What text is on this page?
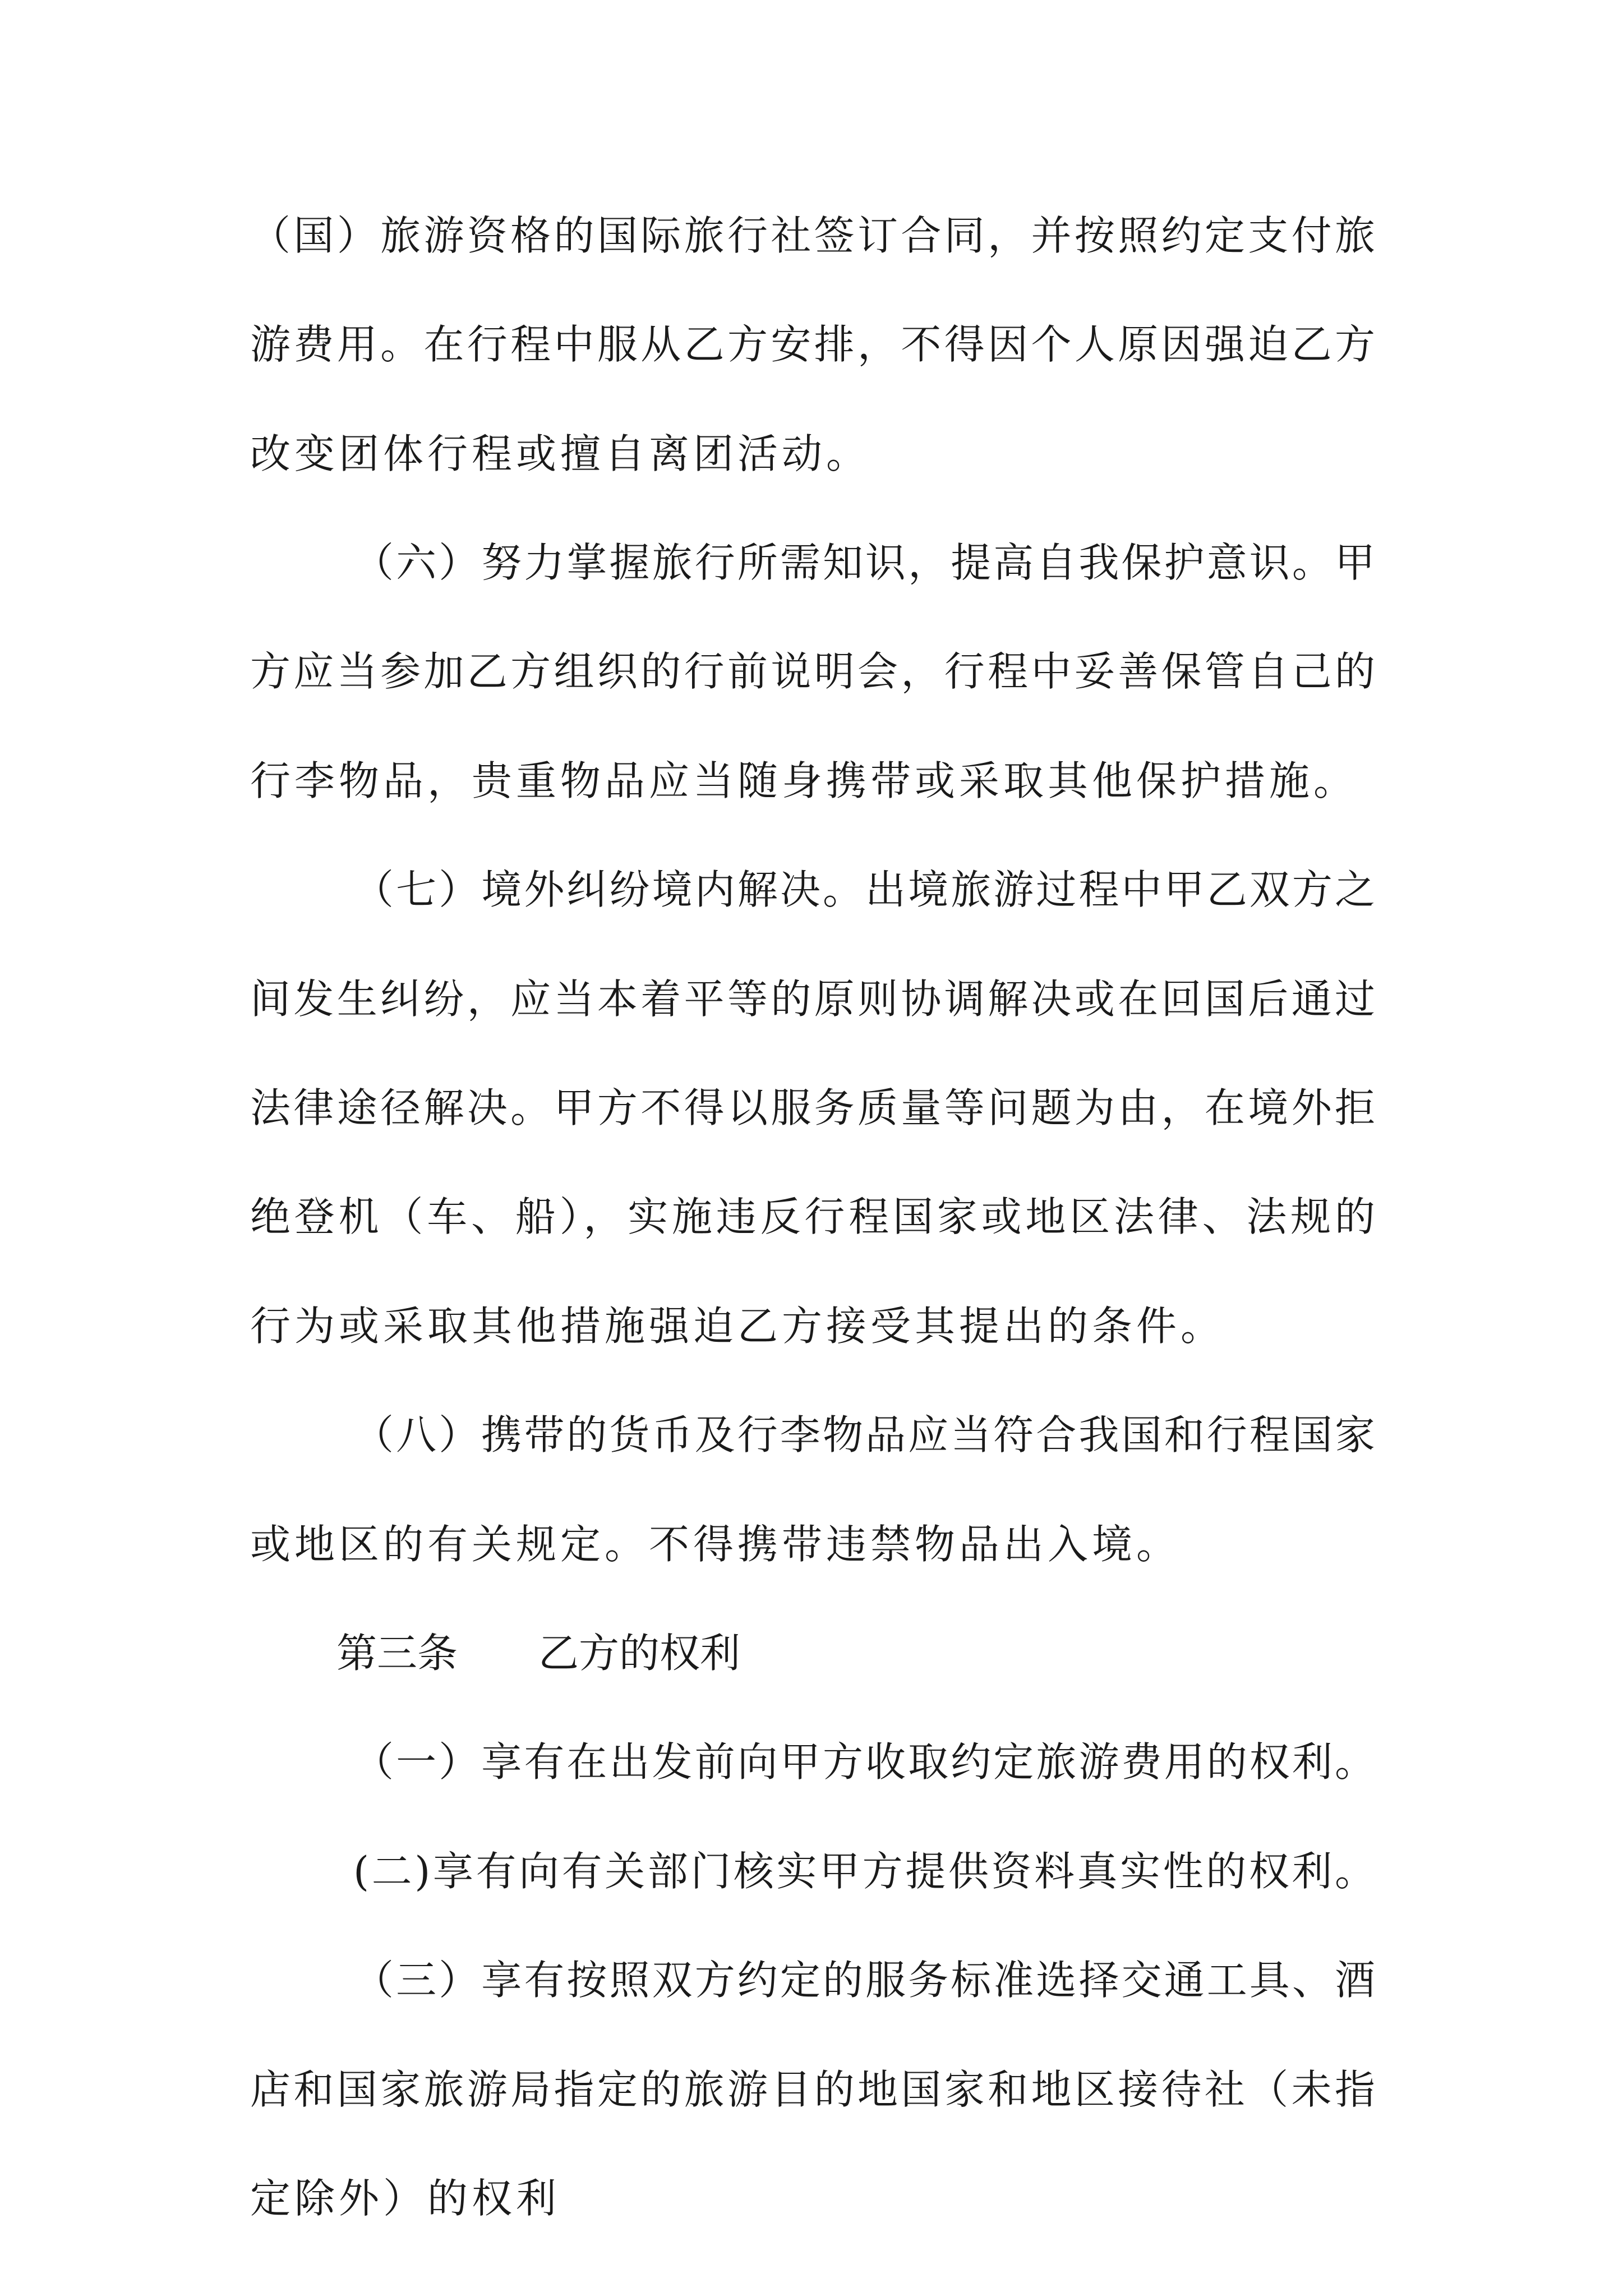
（国）旅游资格的国际旅行社签订合同，并按照约定支付旅
游费用。在行程中服从乙方安排，不得因个人原因强迫乙方
改变团体行程或擅自离团活动。
（六）努力掌握旅行所需知识，提高自我保护意识。甲
方应当参加乙方组织的行前说明会，行程中妥善保管自己的
行李物品，贵重物品应当随身携带或采取其他保护措施。
（七）境外纠纷境内解决。出境旅游过程中甲乙双方之
间发生纠纷，应当本着平等的原则协调解决或在回国后通过
法律途径解决。甲方不得以服务质量等问题为由，在境外拒
绝登机（车、船），实施违反行程国家或地区法律、法规的
行为或采取其他措施强迫乙方接受其提出的条件。
（八）携带的货币及行李物品应当符合我国和行程国家
或地区的有关规定。不得携带违禁物品出入境。
第三条　　乙方的权利
（一）享有在出发前向甲方收取约定旅游费用的权利。
(二)享有向有关部门核实甲方提供资料真实性的权利。
（三）享有按照双方约定的服务标准选择交通工具、酒
店和国家旅游局指定的旅游目的地国家和地区接待社（未指
定除外）的权利
